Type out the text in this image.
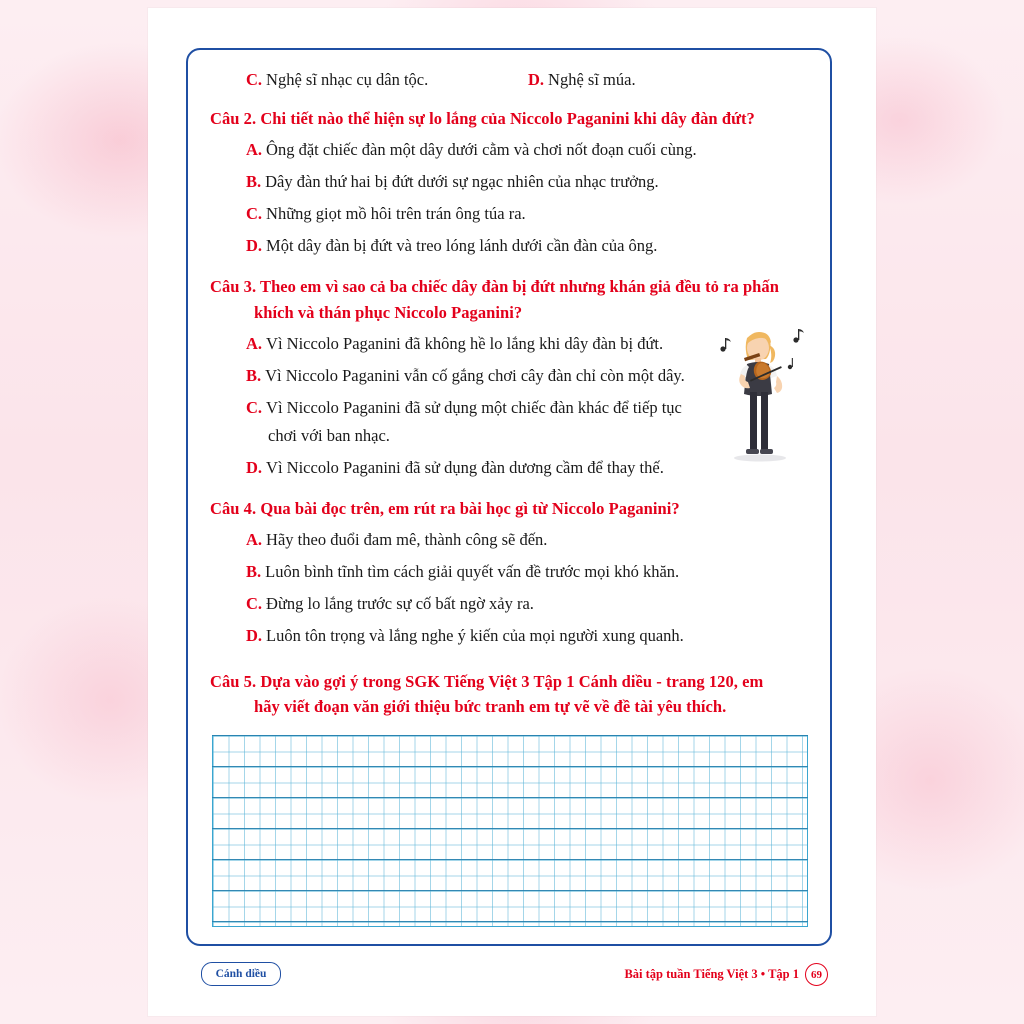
C. Nghệ sĩ nhạc cụ dân tộc.	D. Nghệ sĩ múa.
Câu 2. Chi tiết nào thể hiện sự lo lắng của Niccolo Paganini khi dây đàn đứt?
A. Ông đặt chiếc đàn một dây dưới cằm và chơi nốt đoạn cuối cùng.
B. Dây đàn thứ hai bị đứt dưới sự ngạc nhiên của nhạc trưởng.
C. Những giọt mồ hôi trên trán ông túa ra.
D. Một dây đàn bị đứt và treo lóng lánh dưới cần đàn của ông.
Câu 3. Theo em vì sao cả ba chiếc dây đàn bị đứt nhưng khán giả đều tỏ ra phấn
khích và thán phục Niccolo Paganini?
A. Vì Niccolo Paganini đã không hề lo lắng khi dây đàn bị đứt.
B. Vì Niccolo Paganini vẫn cố gắng chơi cây đàn chỉ còn một dây.
C. Vì Niccolo Paganini đã sử dụng một chiếc đàn khác để tiếp tục
chơi với ban nhạc.
D. Vì Niccolo Paganini đã sử dụng đàn dương cầm để thay thế.
Câu 4. Qua bài đọc trên, em rút ra bài học gì từ Niccolo Paganini?
A. Hãy theo đuổi đam mê, thành công sẽ đến.
B. Luôn bình tĩnh tìm cách giải quyết vấn đề trước mọi khó khăn.
C. Đừng lo lắng trước sự cố bất ngờ xảy ra.
D. Luôn tôn trọng và lắng nghe ý kiến của mọi người xung quanh.
Câu 5. Dựa vào gợi ý trong SGK Tiếng Việt 3 Tập 1 Cánh diều - trang 120, em
hãy viết đoạn văn giới thiệu bức tranh em tự vẽ về đề tài yêu thích.
Cánh diều	Bài tập tuần Tiếng Việt 3 • Tập 1	69
